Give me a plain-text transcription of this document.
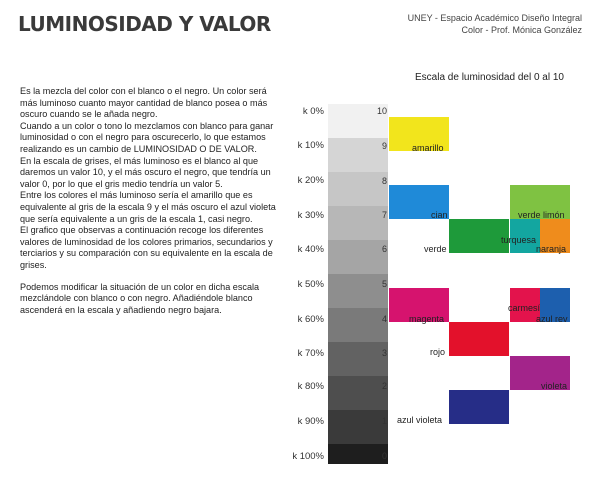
LUMINOSIDAD Y VALOR	UNEY - Espacio Académico Diseño Integral
Color - Prof. Mónica González
Escala de luminosidad del 0 al 10

Es la mezcla del color con el blanco o el negro. Un color será más luminoso cuanto mayor cantidad de blanco posea o más oscuro cuando se le añada negro.

Cuando a un color o tono lo mezclamos con blanco para ganar luminosidad o con el negro para oscurecerlo, lo que estamos realizando es un cambio de LUMINOSIDAD O DE VALOR.

En la escala de grises, el más luminoso es el blanco al que daremos un valor 10, y el más oscuro el negro, que tendría un valor 0, por lo que el gris medio tendría un valor 5.

Entre los colores el más luminoso sería el amarillo que es equivalente al gris de la escala 9 y el más oscuro el azul violeta que sería equivalente a un gris de la escala 1, casi negro.

El grafico que observas a continuación recoge los diferentes valores de luminosidad de los colores primarios, secundarios y terciarios y su comparación con su equivalente en la escala de grises.

Podemos modificar la situación de un color en dicha escala mezclándole con blanco o con negro. Añadiéndole blanco ascenderá en la escala y añadiendo negro bajara.

k 0%
k 10%
k 20%
k 30%
k 40%
k 50%
k 60%
k 70%
k 80%
k 90%
k 100%
10
9
8
7
6
5
4
3
2
1
0
amarillo
cian	verde limón
verde
turquesa
naranja
magenta
carmesí
azul rev
rojo
violeta
azul violeta
